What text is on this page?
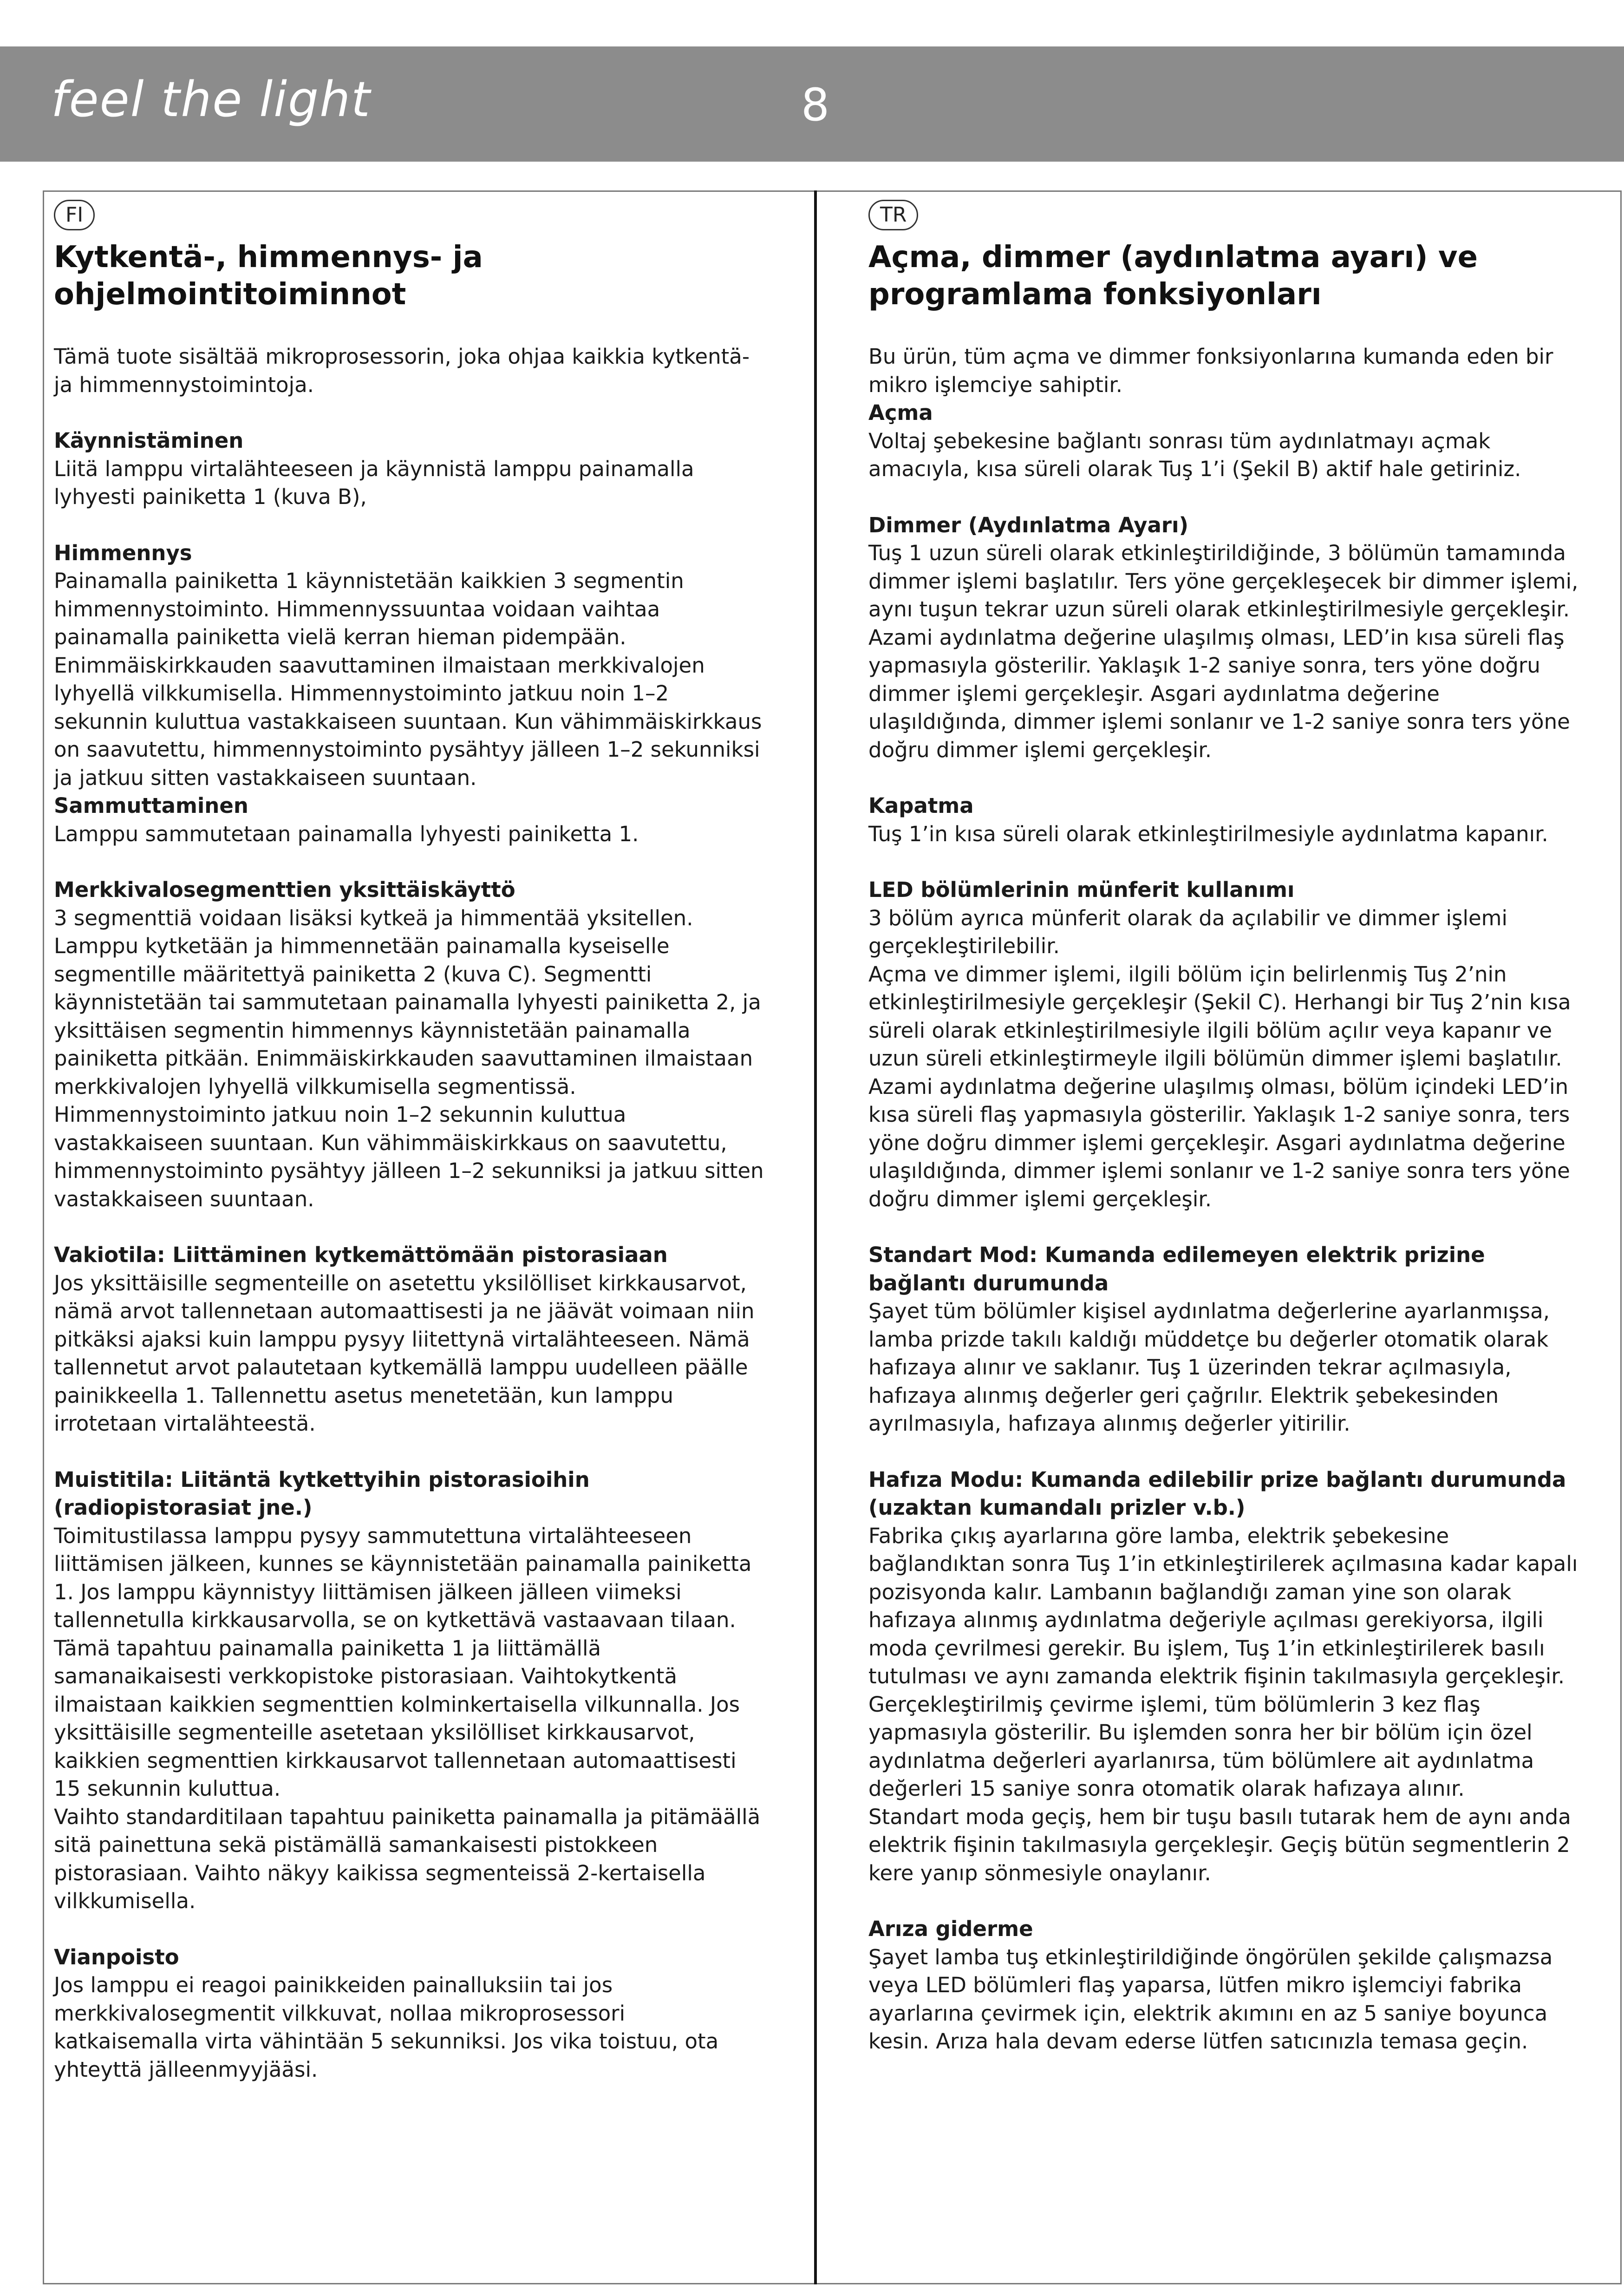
feel the light	8
FI
Kytkentä-, himmennys- ja ohjelmointitoiminnot

Tämä tuote sisältää mikroprosessorin, joka ohjaa kaikkia kytkentä- ja himmennystoimintoja.

Käynnistäminen

Liitä lamppu virtalähteeseen ja käynnistä lamppu painamalla lyhyesti painiketta 1 (kuva B),

Himmennys

Painamalla painiketta 1 käynnistetään kaikkien 3 segmentin himmennystoiminto. Himmennyssuuntaa voidaan vaihtaa painamalla painiketta vielä kerran hieman pidempään. Enimmäiskirkkauden saavuttaminen ilmaistaan merkkivalojen lyhyellä vilkkumisella. Himmennystoiminto jatkuu noin 1–2 sekunnin kuluttua vastakkaiseen suuntaan. Kun vähimmäiskirkkaus on saavutettu, himmennystoiminto pysähtyy jälleen 1–2 sekunniksi ja jatkuu sitten vastakkaiseen suuntaan.

Sammuttaminen

Lamppu sammutetaan painamalla lyhyesti painiketta 1.

Merkkivalosegmenttien yksittäiskäyttö

3 segmenttiä voidaan lisäksi kytkeä ja himmentää yksitellen. Lamppu kytketään ja himmennetään painamalla kyseiselle segmentille määritettyä painiketta 2 (kuva C). Segmentti käynnistetään tai sammutetaan painamalla lyhyesti painiketta 2, ja yksittäisen segmentin himmennys käynnistetään painamalla painiketta pitkään. Enimmäiskirkkauden saavuttaminen ilmaistaan merkkivalojen lyhyellä vilkkumisella segmentissä. Himmennystoiminto jatkuu noin 1–2 sekunnin kuluttua vastakkaiseen suuntaan. Kun vähimmäiskirkkaus on saavutettu, himmennystoiminto pysähtyy jälleen 1–2 sekunniksi ja jatkuu sitten vastakkaiseen suuntaan.

Vakiotila: Liittäminen kytkemättömään pistorasiaan

Jos yksittäisille segmenteille on asetettu yksilölliset kirkkausarvot, nämä arvot tallennetaan automaattisesti ja ne jäävät voimaan niin pitkäksi ajaksi kuin lamppu pysyy liitettynä virtalähteeseen. Nämä tallennetut arvot palautetaan kytkemällä lamppu uudelleen päälle painikkeella 1. Tallennettu asetus menetetään, kun lamppu irrotetaan virtalähteestä.

Muistitila: Liitäntä kytkettyihin pistorasioihin (radiopistorasiat jne.)

Toimitustilassa lamppu pysyy sammutettuna virtalähteeseen liittämisen jälkeen, kunnes se käynnistetään painamalla painiketta 1. Jos lamppu käynnistyy liittämisen jälkeen jälleen viimeksi tallennetulla kirkkausarvolla, se on kytkettävä vastaavaan tilaan. Tämä tapahtuu painamalla painiketta 1 ja liittämällä samanaikaisesti verkkopistoke pistorasiaan. Vaihtokytkentä ilmaistaan kaikkien segmenttien kolminkertaisella vilkunnalla. Jos yksittäisille segmenteille asetetaan yksilölliset kirkkausarvot, kaikkien segmenttien kirkkausarvot tallennetaan automaattisesti 15 sekunnin kuluttua.

Vaihto standarditilaan tapahtuu painiketta painamalla ja pitämäällä sitä painettuna sekä pistämällä samankaisesti pistokkeen pistorasiaan. Vaihto näkyy kaikissa segmenteissä 2-kertaisella vilkkumisella.

Vianpoisto

Jos lamppu ei reagoi painikkeiden painalluksiin tai jos merkkivalosegmentit vilkkuvat, nollaa mikroprosessori katkaisemalla virta vähintään 5 sekunniksi. Jos vika toistuu, ota yhteyttä jälleenmyyjääsi.

TR
Açma, dimmer (aydınlatma ayarı) ve programlama fonksiyonları

Bu ürün, tüm açma ve dimmer fonksiyonlarına kumanda eden bir mikro işlemciye sahiptir.

Açma

Voltaj şebekesine bağlantı sonrası tüm aydınlatmayı açmak amacıyla, kısa süreli olarak Tuş 1’i (Şekil B) aktif hale getiriniz.

Dimmer (Aydınlatma Ayarı)

Tuş 1 uzun süreli olarak etkinleştirildiğinde, 3 bölümün tamamında dimmer işlemi başlatılır. Ters yöne gerçekleşecek bir dimmer işlemi, aynı tuşun tekrar uzun süreli olarak etkinleştirilmesiyle gerçekleşir. Azami aydınlatma değerine ulaşılmış olması, LED’in kısa süreli flaş yapmasıyla gösterilir. Yaklaşık 1-2 saniye sonra, ters yöne doğru dimmer işlemi gerçekleşir. Asgari aydınlatma değerine ulaşıldığında, dimmer işlemi sonlanır ve 1-2 saniye sonra ters yöne doğru dimmer işlemi gerçekleşir.

Kapatma

Tuş 1’in kısa süreli olarak etkinleştirilmesiyle aydınlatma kapanır.

LED bölümlerinin münferit kullanımı

3 bölüm ayrıca münferit olarak da açılabilir ve dimmer işlemi gerçekleştirilebilir.

Açma ve dimmer işlemi, ilgili bölüm için belirlenmiş Tuş 2’nin etkinleştirilmesiyle gerçekleşir (Şekil C). Herhangi bir Tuş 2’nin kısa süreli olarak etkinleştirilmesiyle ilgili bölüm açılır veya kapanır ve uzun süreli etkinleştirmeyle ilgili bölümün dimmer işlemi başlatılır. Azami aydınlatma değerine ulaşılmış olması, bölüm içindeki LED’in kısa süreli flaş yapmasıyla gösterilir. Yaklaşık 1-2 saniye sonra, ters yöne doğru dimmer işlemi gerçekleşir. Asgari aydınlatma değerine ulaşıldığında, dimmer işlemi sonlanır ve 1-2 saniye sonra ters yöne doğru dimmer işlemi gerçekleşir.

Standart Mod: Kumanda edilemeyen elektrik prizine bağlantı durumunda

Şayet tüm bölümler kişisel aydınlatma değerlerine ayarlanmışsa, lamba prizde takılı kaldığı müddetçe bu değerler otomatik olarak hafızaya alınır ve saklanır. Tuş 1 üzerinden tekrar açılmasıyla, hafızaya alınmış değerler geri çağrılır. Elektrik şebekesinden ayrılmasıyla, hafızaya alınmış değerler yitirilir.

Hafıza Modu: Kumanda edilebilir prize bağlantı durumunda (uzaktan kumandalı prizler v.b.)

Fabrika çıkış ayarlarına göre lamba, elektrik şebekesine bağlandıktan sonra Tuş 1’in etkinleştirilerek açılmasına kadar kapalı pozisyonda kalır. Lambanın bağlandığı zaman yine son olarak hafızaya alınmış aydınlatma değeriyle açılması gerekiyorsa, ilgili moda çevrilmesi gerekir. Bu işlem, Tuş 1’in etkinleştirilerek basılı tutulması ve aynı zamanda elektrik fişinin takılmasıyla gerçekleşir. Gerçekleştirilmiş çevirme işlemi, tüm bölümlerin 3 kez flaş yapmasıyla gösterilir. Bu işlemden sonra her bir bölüm için özel aydınlatma değerleri ayarlanırsa, tüm bölümlere ait aydınlatma değerleri 15 saniye sonra otomatik olarak hafızaya alınır.

Standart moda geçiş, hem bir tuşu basılı tutarak hem de aynı anda elektrik fişinin takılmasıyla gerçekleşir. Geçiş bütün segmentlerin 2 kere yanıp sönmesiyle onaylanır.

Arıza giderme

Şayet lamba tuş etkinleştirildiğinde öngörülen şekilde çalışmazsa veya LED bölümleri flaş yaparsa, lütfen mikro işlemciyi fabrika ayarlarına çevirmek için, elektrik akımını en az 5 saniye boyunca kesin. Arıza hala devam ederse lütfen satıcınızla temasa geçin.
